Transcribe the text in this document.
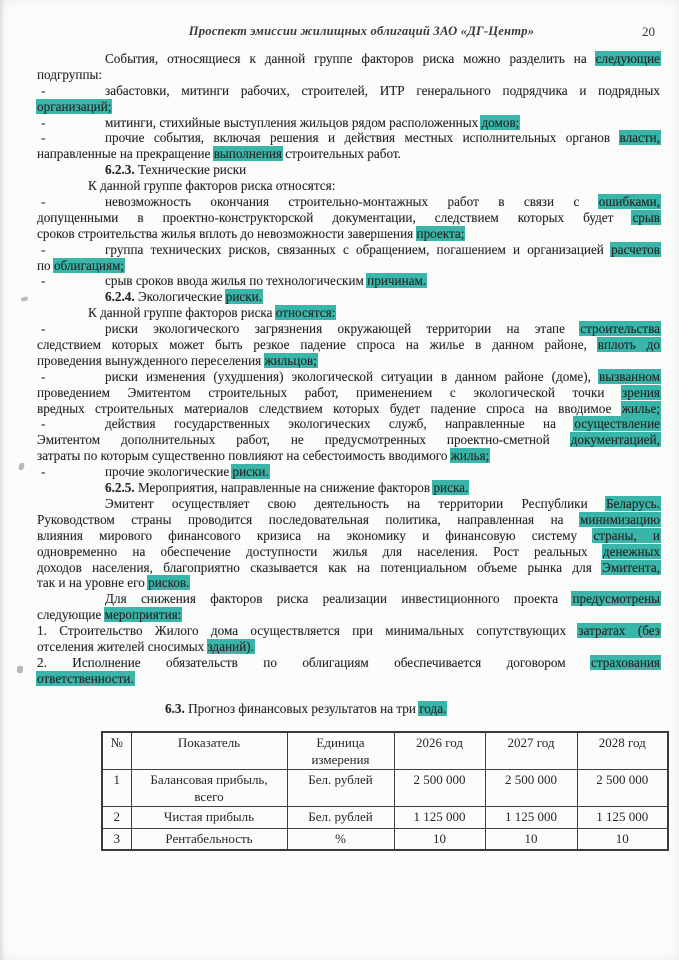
Проспект эмиссии жилищных облигаций ЗАО «ДГ-Центр»	20
События, относящиеся к данной группе факторов риска можно разделить на следующие
подгруппы:
-	забастовки, митинги рабочих, строителей, ИТР генерального подрядчика и подрядных
организаций;
-	митинги, стихийные выступления жильцов рядом расположенных домов;
-	прочие события, включая решения и действия местных исполнительных органов власти,
направленные на прекращение выполнения строительных работ.
6.2.3. Технические риски
К данной группе факторов риска относятся:
-	невозможность окончания строительно-монтажных работ в связи с ошибками,
допущенными в проектно-конструкторской документации, следствием которых будет срыв
сроков строительства жилья вплоть до невозможности завершения проекта;
-	группа технических рисков, связанных с обращением, погашением и организацией расчетов
по облигациям;
-	срыв сроков ввода жилья по технологическим причинам.
6.2.4. Экологические риски.
К данной группе факторов риска относятся:
-	риски экологического загрязнения окружающей территории на этапе строительства
следствием которых может быть резкое падение спроса на жилье в данном районе, вплоть до
проведения вынужденного переселения жильцов;
-	риски изменения (ухудшения) экологической ситуации в данном районе (доме), вызванном
проведением Эмитентом строительных работ, применением с экологической точки зрения
вредных строительных материалов следствием которых будет падение спроса на вводимое жилье;
-	действия государственных экологических служб, направленные на осуществление
Эмитентом дополнительных работ, не предусмотренных проектно-сметной документацией,
затраты по которым существенно повлияют на себестоимость вводимого жилья;
-	прочие экологические риски.
6.2.5. Мероприятия, направленные на снижение факторов риска.
Эмитент осуществляет свою деятельность на территории Республики Беларусь.
Руководством страны проводится последовательная политика, направленная на минимизацию
влияния мирового финансового кризиса на экономику и финансовую систему страны, и
одновременно на обеспечение доступности жилья для населения. Рост реальных денежных
доходов населения, благоприятно сказывается как на потенциальном объеме рынка для Эмитента,
так и на уровне его рисков.
Для снижения факторов риска реализации инвестиционного проекта предусмотрены
следующие мероприятия:
1. Строительство Жилого дома осуществляется при минимальных сопутствующих затратах (без
отселения жителей сносимых зданий).
2. Исполнение обязательств по облигациям обеспечивается договором страхования
ответственности.
6.3. Прогноз финансовых результатов на три года.
№	Показатель	Единица измерения	2026 год	2027 год	2028 год
1	Балансовая прибыль, всего	Бел. рублей	2 500 000	2 500 000	2 500 000
2	Чистая прибыль	Бел. рублей	1 125 000	1 125 000	1 125 000
3	Рентабельность	%	10	10	10
